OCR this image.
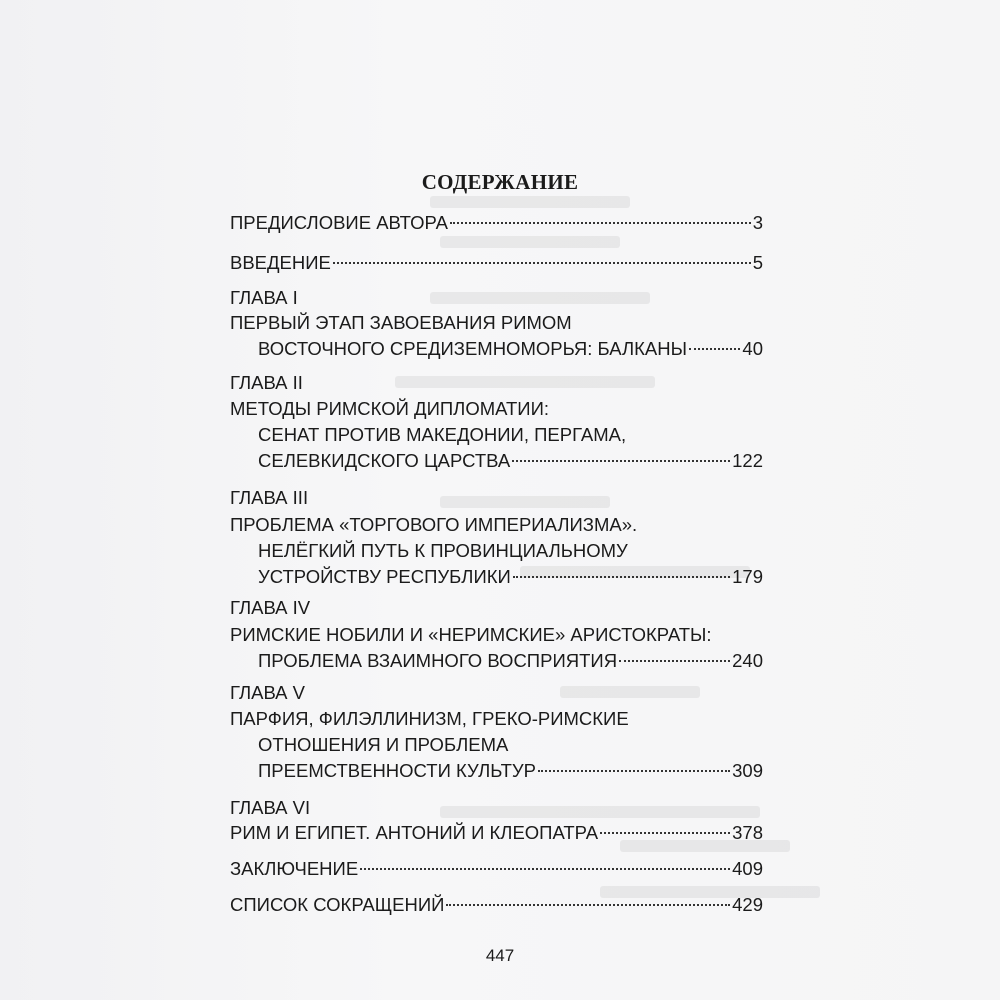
СОДЕРЖАНИЕ
ПРЕДИСЛОВИЕ АВТОРА	3
ВВЕДЕНИЕ	5
ГЛАВА I
ПЕРВЫЙ ЭТАП ЗАВОЕВАНИЯ РИМОМ
ВОСТОЧНОГО СРЕДИЗЕМНОМОРЬЯ: БАЛКАНЫ	40
ГЛАВА II
МЕТОДЫ РИМСКОЙ ДИПЛОМАТИИ:
СЕНАТ ПРОТИВ МАКЕДОНИИ, ПЕРГАМА,
СЕЛЕВКИДСКОГО ЦАРСТВА	122
ГЛАВА III
ПРОБЛЕМА «ТОРГОВОГО ИМПЕРИАЛИЗМА».
НЕЛЁГКИЙ ПУТЬ К ПРОВИНЦИАЛЬНОМУ
УСТРОЙСТВУ РЕСПУБЛИКИ	179
ГЛАВА IV
РИМСКИЕ НОБИЛИ И «НЕРИМСКИЕ» АРИСТОКРАТЫ:
ПРОБЛЕМА ВЗАИМНОГО ВОСПРИЯТИЯ	240
ГЛАВА V
ПАРФИЯ, ФИЛЭЛЛИНИЗМ, ГРЕКО-РИМСКИЕ
ОТНОШЕНИЯ И ПРОБЛЕМА
ПРЕЕМСТВЕННОСТИ КУЛЬТУР	309
ГЛАВА VI
РИМ И ЕГИПЕТ. АНТОНИЙ И КЛЕОПАТРА	378
ЗАКЛЮЧЕНИЕ	409
СПИСОК СОКРАЩЕНИЙ	429
447
